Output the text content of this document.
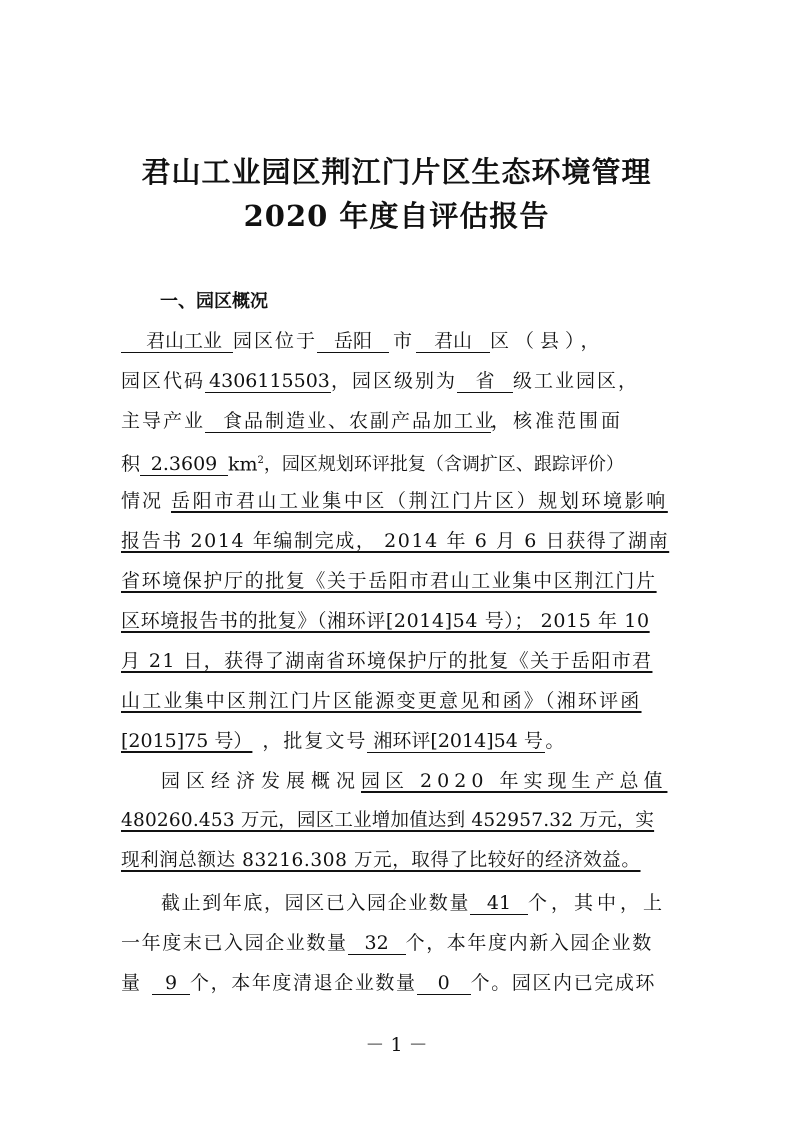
君山工业园区荆江门片区生态环境管理
2020 年度自评估报告
一、园区概况
君山工业 园区位于 岳阳	市	君山 区（县），
园区代码 4306115503 ，园区级别为 省 级工业园区，
主导产业 食品制造业、农副产品加工业
，核准范围面
积 2.3609 $km^2$ ，园区规划环评批复（含调扩区、跟踪评价）
情况 岳阳市君山工业集中区（荆江门片区）规划环境影响
报告书 2014 年编制完成， 2014 年 6 月 6 日获得了湖南
省环境保护厅的批复《关于岳阳市君山工业集中区荆江门片
区环境报告书的批复》（湘环评[2014]54 号）； 2015 年 10
月 21 日，获得了湖南省环境保护厅的批复《关于岳阳市君
山工业集中区荆江门片区能源变更意见和函》（湘环评函
[2015]75 号） ，批复文号 湘环评[2014]54 号 。
园区经济发展概况 园区 2020 年实现生产总值
480260.453 万元，园区工业增加值达到 452957.32 万元，实
现利润总额达 83216.308 万元，取得了比较好的经济效益。
截止到年底，园区已入园企业数量 41 个，其中，上
一年度末已入园企业数量 32 个，本年度内新入园企业数
量	9 个，本年度清退企业数量	0	个。园区内已完成环
－ 1 －
